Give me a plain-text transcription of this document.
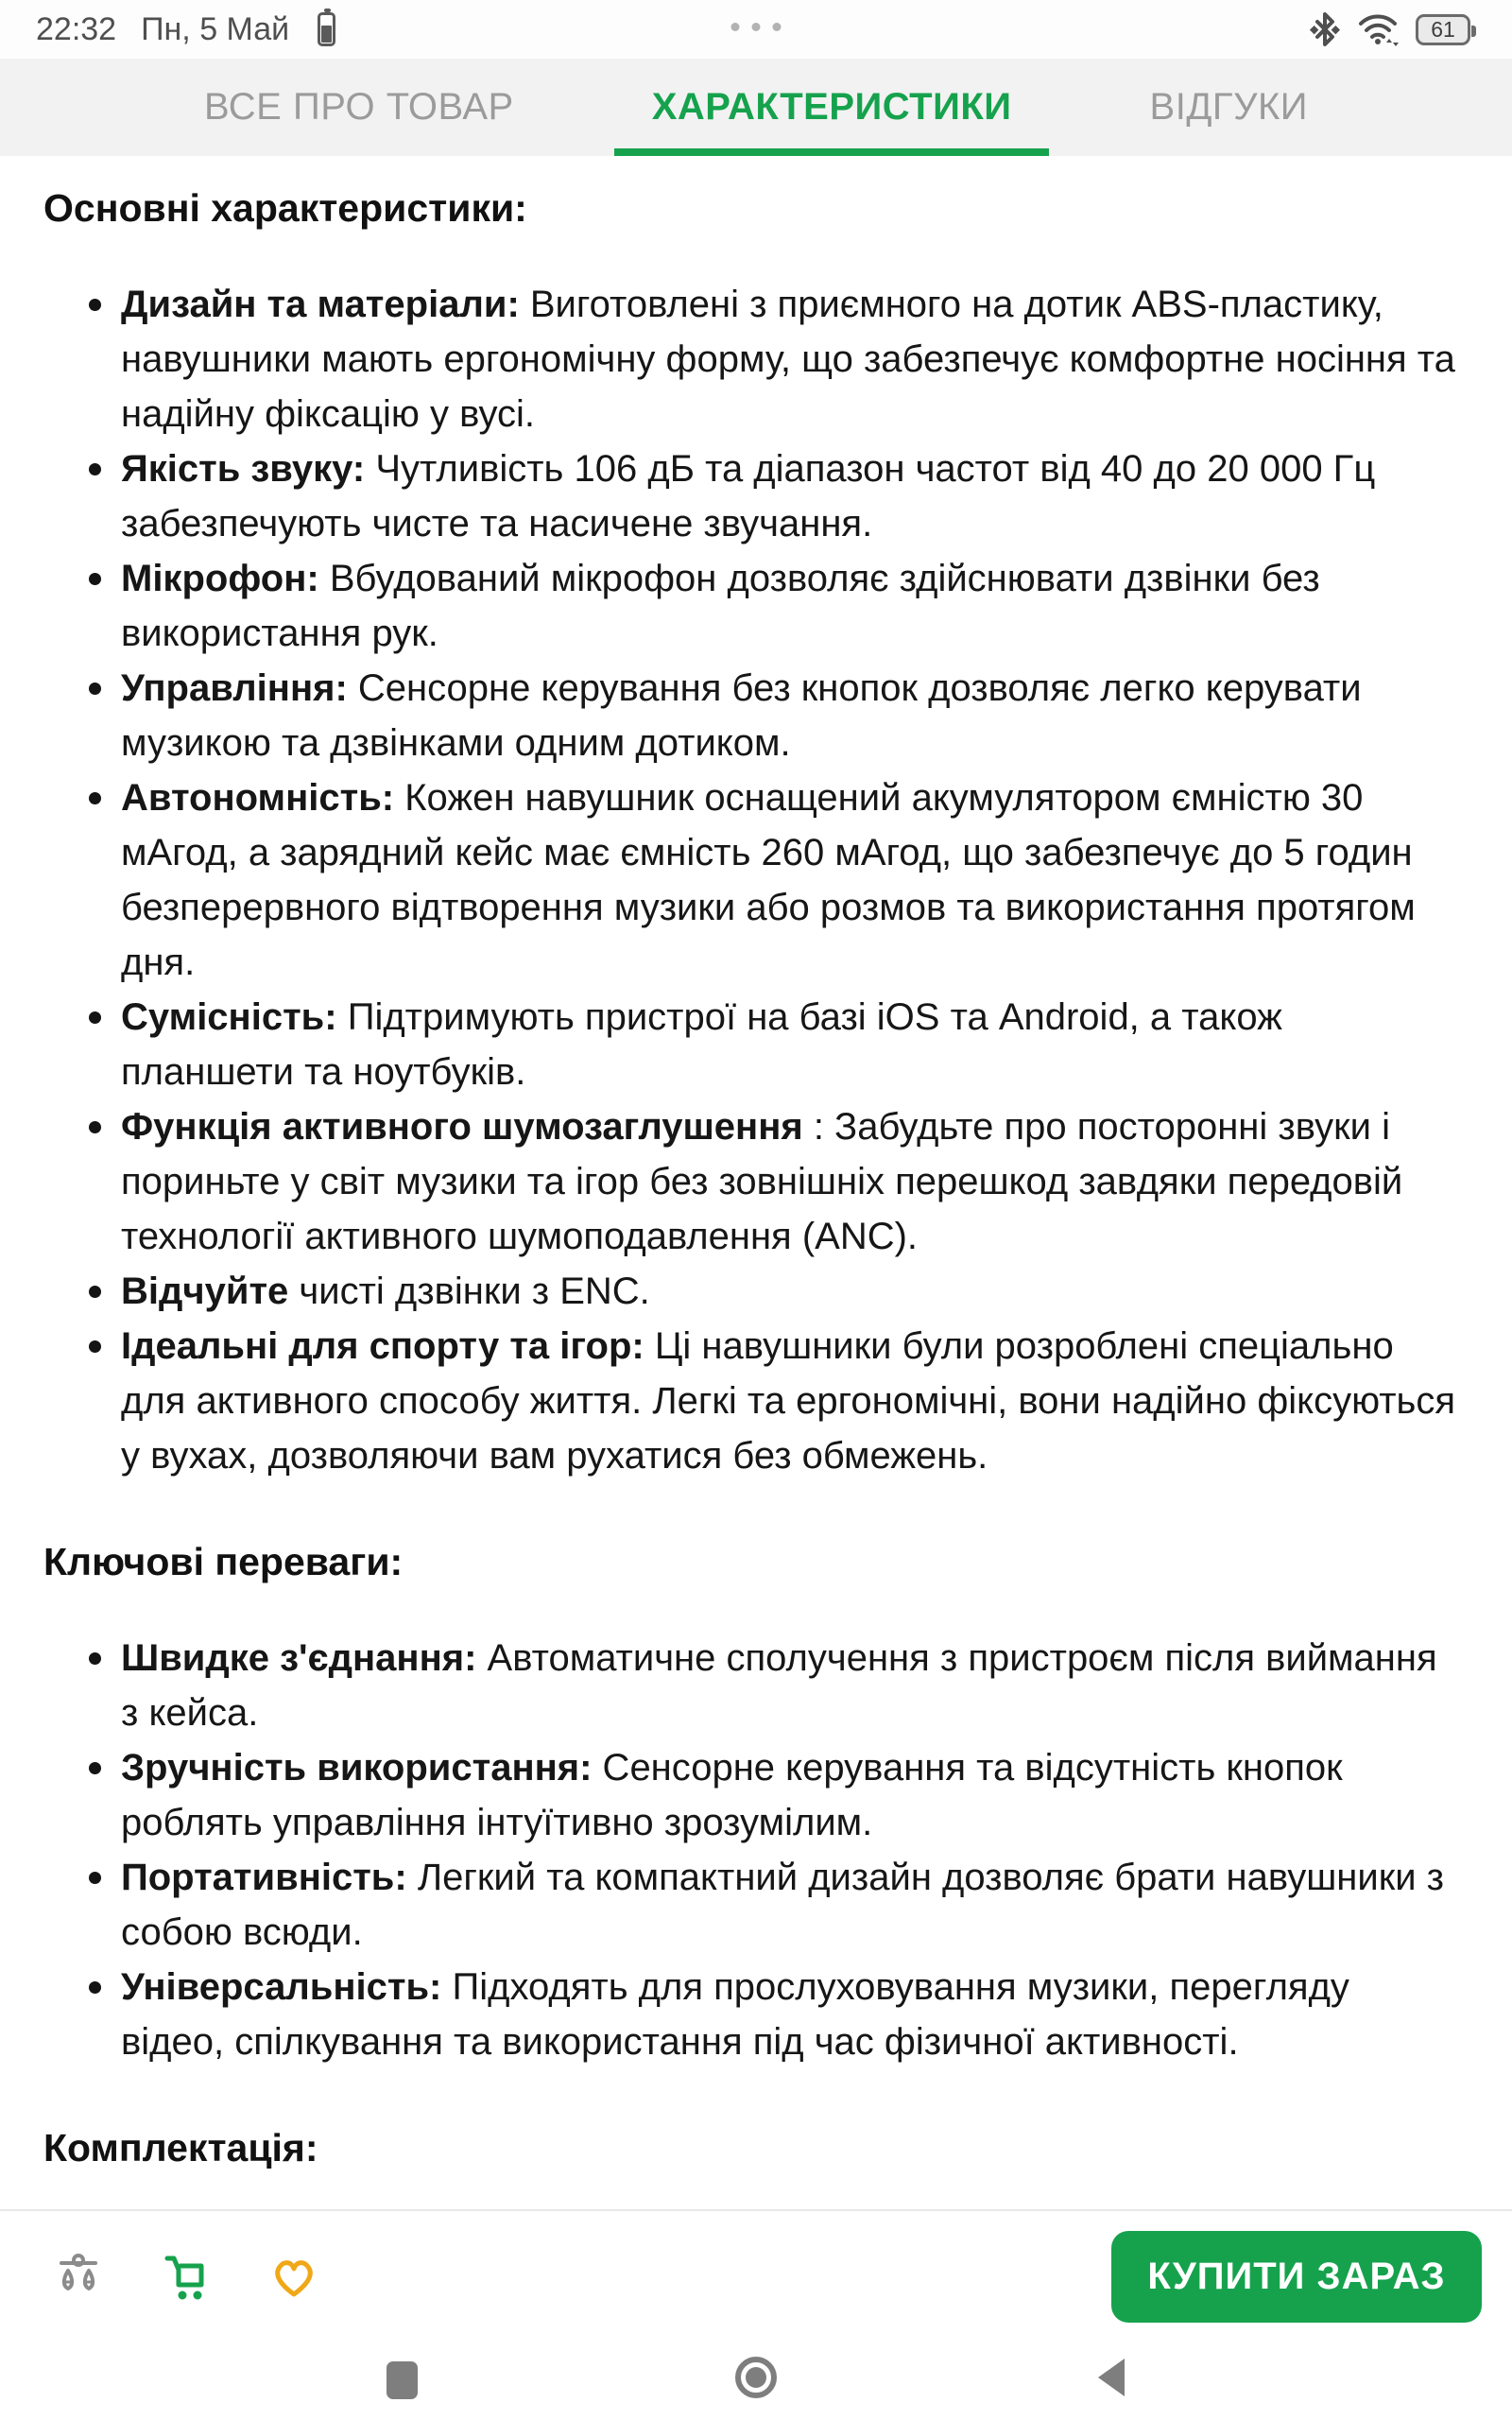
22:32 Пн, 5 Май	61
ВСЕ ПРО ТОВАР	ХАРАКТЕРИСТИКИ	ВІДГУКИ
Основні характеристики:
Дизайн та матеріали: Виготовлені з приємного на дотик ABS-пластику, навушники мають ергономічну форму, що забезпечує комфортне носіння та надійну фіксацію у вусі.
Якість звуку: Чутливість 106 дБ та діапазон частот від 40 до 20 000 Гц забезпечують чисте та насичене звучання.
Мікрофон: Вбудований мікрофон дозволяє здійснювати дзвінки без використання рук.
Управління: Сенсорне керування без кнопок дозволяє легко керувати музикою та дзвінками одним дотиком.
Автономність: Кожен навушник оснащений акумулятором ємністю 30 мАгод, а зарядний кейс має ємність 260 мАгод, що забезпечує до 5 годин безперервного відтворення музики або розмов та використання протягом дня.
Сумісність: Підтримують пристрої на базі iOS та Android, а також планшети та ноутбуків.
Функція активного шумозаглушення : Забудьте про посторонні звуки і пориньте у світ музики та ігор без зовнішніх перешкод завдяки передовій технології активного шумоподавлення (ANC).
Відчуйте чисті дзвінки з ENC.
Ідеальні для спорту та ігор: Ці навушники були розроблені спеціально для активного способу життя. Легкі та ергономічні, вони надійно фіксуються у вухах, дозволяючи вам рухатися без обмежень.
Ключові переваги:
Швидке з'єднання: Автоматичне сполучення з пристроєм після виймання з кейса.
Зручність використання: Сенсорне керування та відсутність кнопок роблять управління інтуїтивно зрозумілим.
Портативність: Легкий та компактний дизайн дозволяє брати навушники з собою всюди.
Універсальність: Підходять для прослуховування музики, перегляду відео, спілкування та використання під час фізичної активності.
Комплектація:
КУПИТИ ЗАРАЗ
